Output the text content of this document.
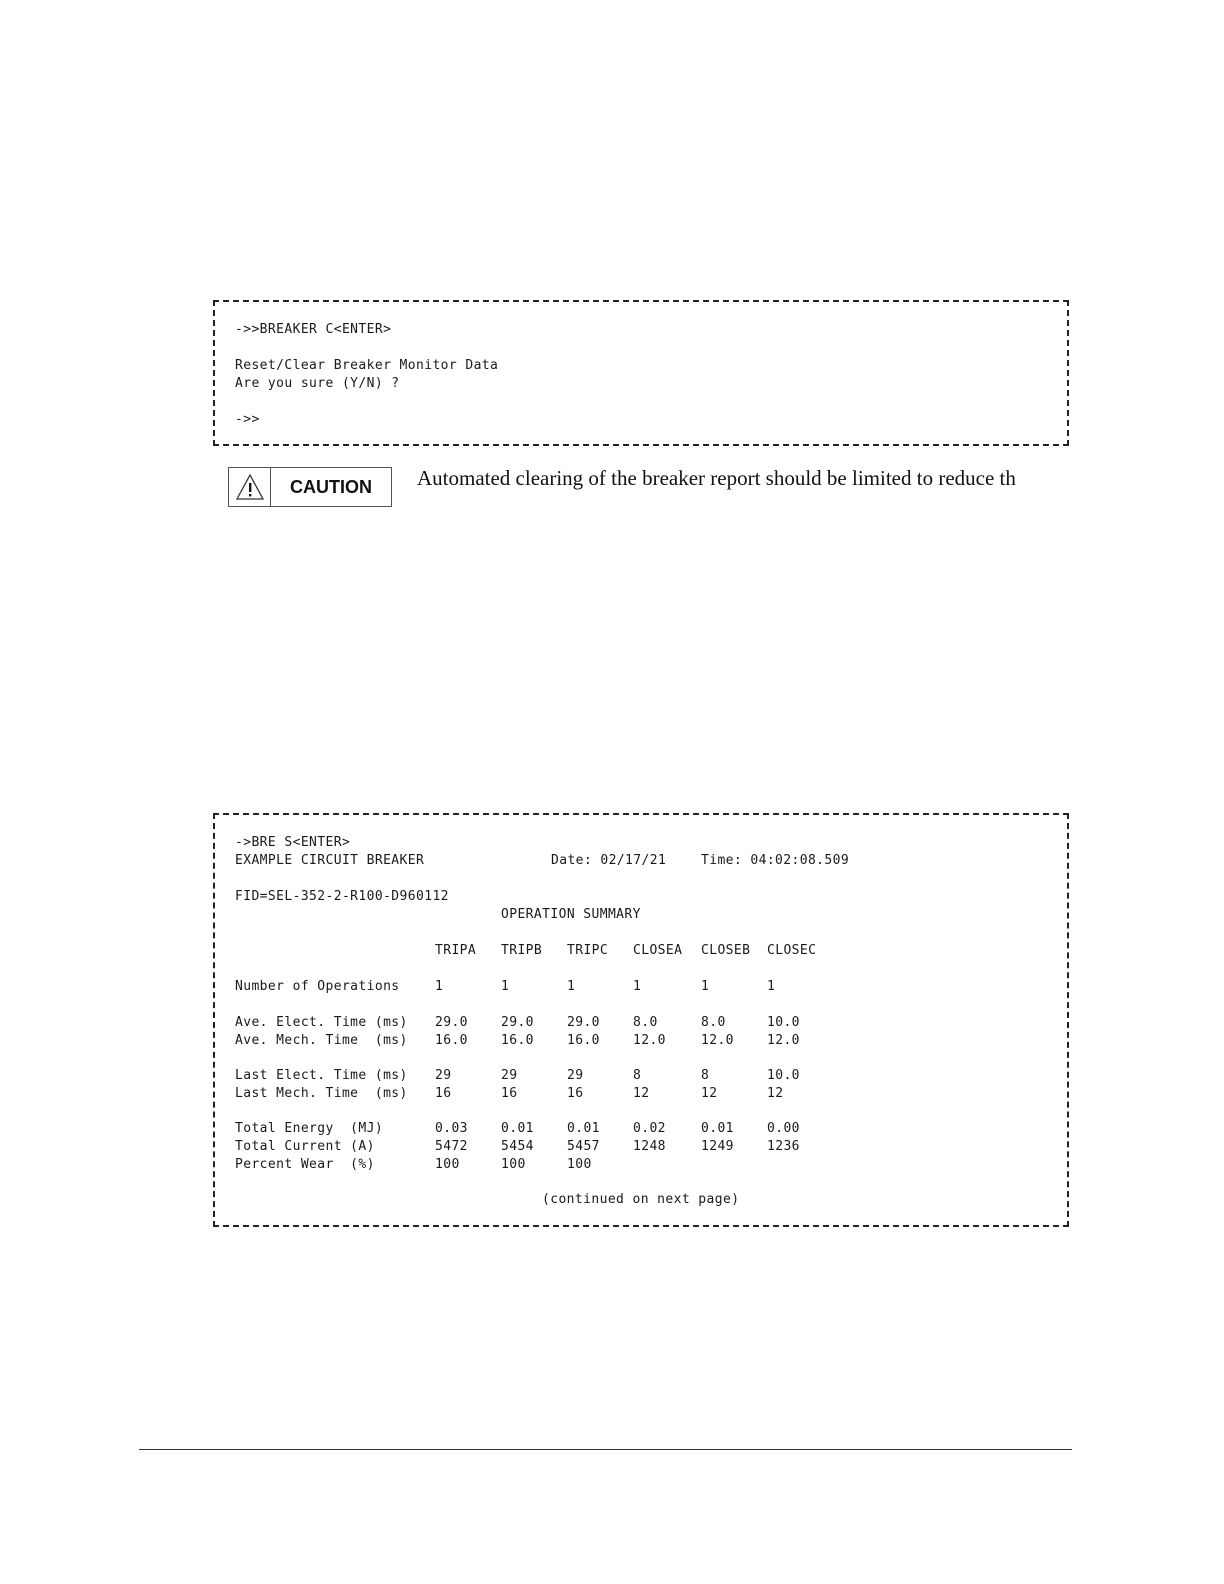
->>BREAKER C<ENTER>
Reset/Clear Breaker Monitor Data
Are you sure (Y/N) ?
->>
CAUTION	Automated clearing of the breaker report should be limited to reduce th
->BRE S<ENTER>
EXAMPLE CIRCUIT BREAKER	Date: 02/17/21	Time: 04:02:08.509
FID=SEL-352-2-R100-D960112
OPERATION SUMMARY
TRIPA TRIPB TRIPC CLOSEA CLOSEB CLOSEC
Number of Operations	1	1	1	1	1	1
Ave. Elect. Time (ms) 29.0	29.0	29.0	8.0	8.0	10.0
Ave. Mech. Time  (ms) 16.0	16.0	16.0	12.0	12.0	12.0
Last Elect. Time (ms) 29	29	29	8	8	10.0
Last Mech. Time  (ms) 16	16	16	12	12	12
Total Energy  (MJ)	0.03	0.01	0.01	0.02	0.01	0.00
Total Current (A)	5472	5454	5457	1248	1249	1236
Percent Wear  (%)	100	100	100
(continued on next page)
